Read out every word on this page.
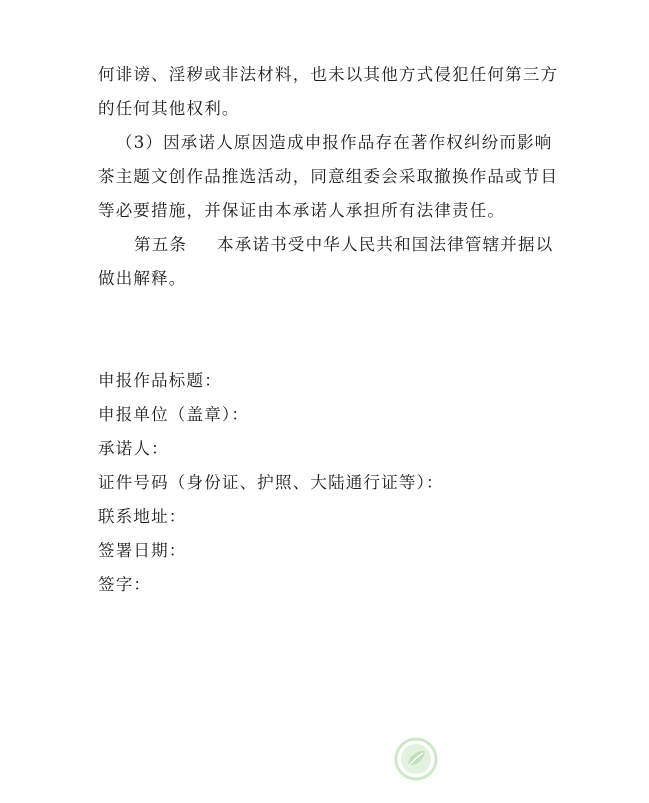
何诽谤、淫秽或非法材料，也未以其他方式侵犯任何第三方
的任何其他权利。
（3）因承诺人原因造成申报作品存在著作权纠纷而影响
茶主题文创作品推选活动，同意组委会采取撤换作品或节目
等必要措施，并保证由本承诺人承担所有法律责任。
第五条 本承诺书受中华人民共和国法律管辖并据以
做出解释。
申报作品标题：
申报单位（盖章）：
承诺人：
证件号码（身份证、护照、大陆通行证等）：
联系地址：
签署日期：
签字：
